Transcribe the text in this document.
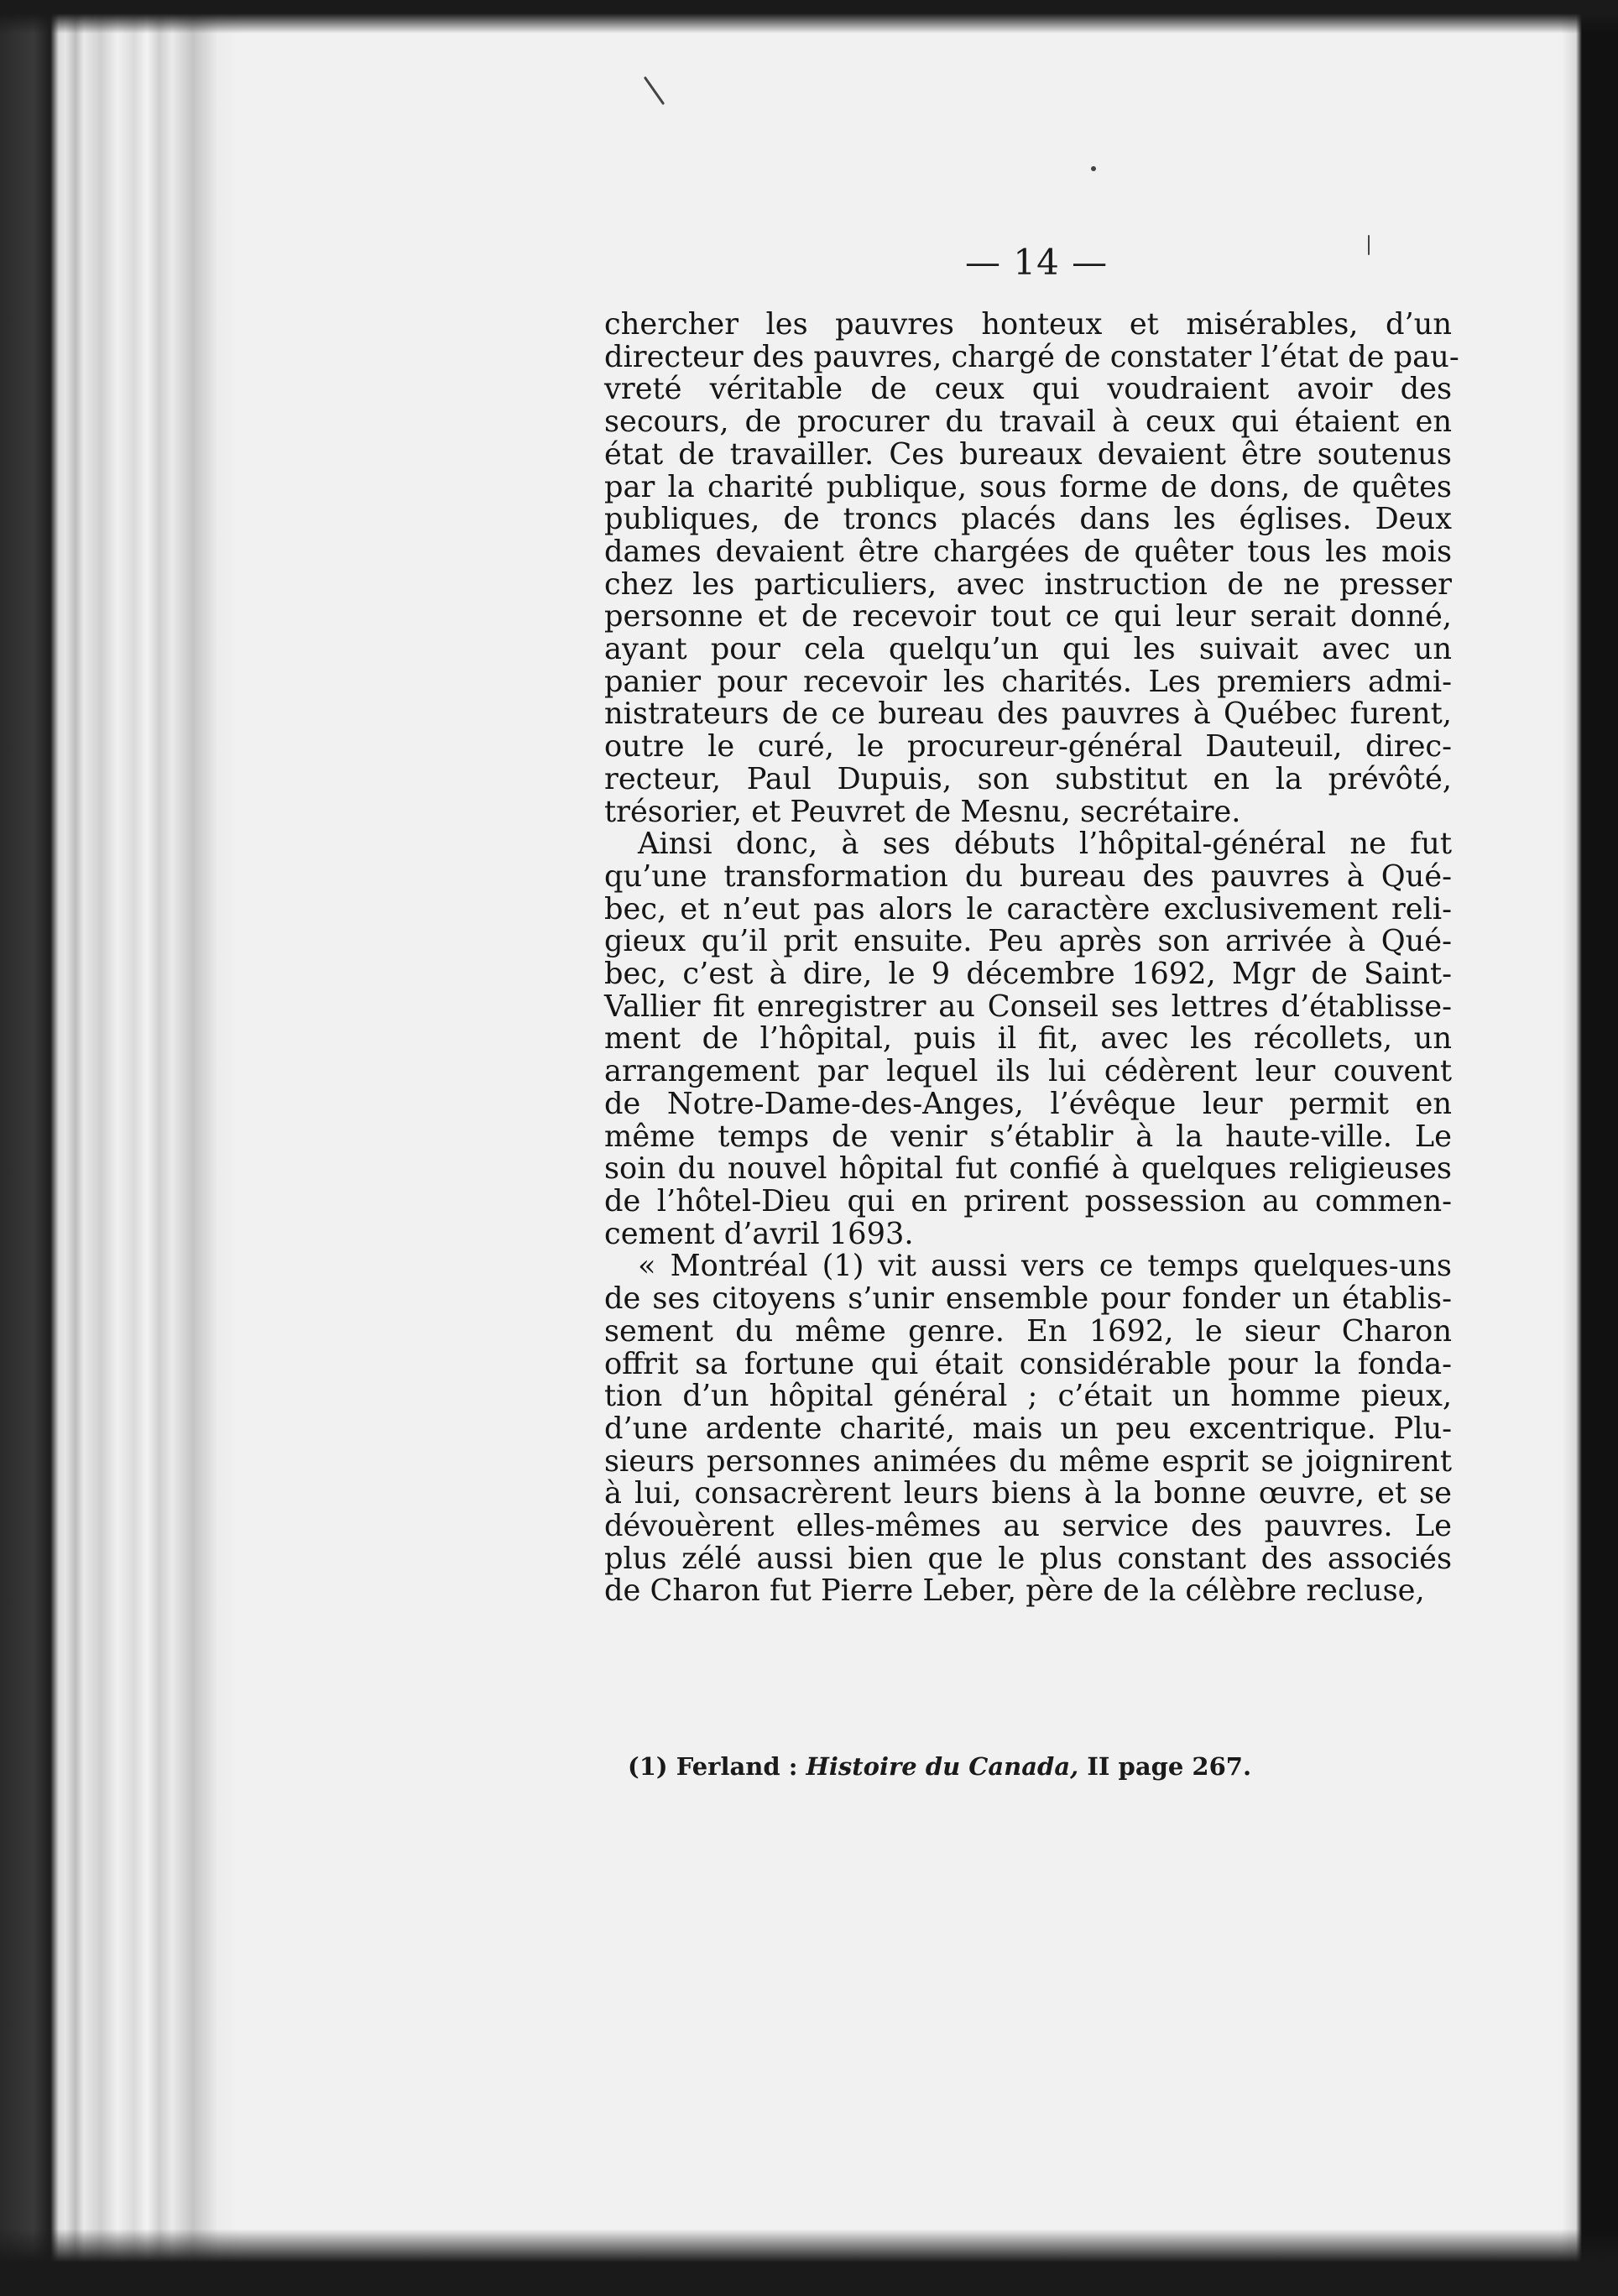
— 14 —
chercher les pauvres honteux et misérables, d’un
directeur des pauvres, chargé de constater l’état de pau-
vreté véritable de ceux qui voudraient avoir des
secours, de procurer du travail à ceux qui étaient en
état de travailler. Ces bureaux devaient être soutenus
par la charité publique, sous forme de dons, de quêtes
publiques, de troncs placés dans les églises. Deux
dames devaient être chargées de quêter tous les mois
chez les particuliers, avec instruction de ne presser
personne et de recevoir tout ce qui leur serait donné,
ayant pour cela quelqu’un qui les suivait avec un
panier pour recevoir les charités. Les premiers admi-
nistrateurs de ce bureau des pauvres à Québec furent,
outre le curé, le procureur-général Dauteuil, direc-
recteur, Paul Dupuis, son substitut en la prévôté,
trésorier, et Peuvret de Mesnu, secrétaire.
Ainsi donc, à ses débuts l’hôpital-général ne fut
qu’une transformation du bureau des pauvres à Qué-
bec, et n’eut pas alors le caractère exclusivement reli-
gieux qu’il prit ensuite. Peu après son arrivée à Qué-
bec, c’est à dire, le 9 décembre 1692, Mgr de Saint-
Vallier fit enregistrer au Conseil ses lettres d’établisse-
ment de l’hôpital, puis il fit, avec les récollets, un
arrangement par lequel ils lui cédèrent leur couvent
de Notre-Dame-des-Anges, l’évêque leur permit en
même temps de venir s’établir à la haute-ville. Le
soin du nouvel hôpital fut confié à quelques religieuses
de l’hôtel-Dieu qui en prirent possession au commen-
cement d’avril 1693.
« Montréal (1) vit aussi vers ce temps quelques-uns
de ses citoyens s’unir ensemble pour fonder un établis-
sement du même genre. En 1692, le sieur Charon
offrit sa fortune qui était considérable pour la fonda-
tion d’un hôpital général ; c’était un homme pieux,
d’une ardente charité, mais un peu excentrique. Plu-
sieurs personnes animées du même esprit se joignirent
à lui, consacrèrent leurs biens à la bonne œuvre, et se
dévouèrent elles-mêmes au service des pauvres. Le
plus zélé aussi bien que le plus constant des associés
de Charon fut Pierre Leber, père de la célèbre recluse,
(1) Ferland : Histoire du Canada, II page 267.
